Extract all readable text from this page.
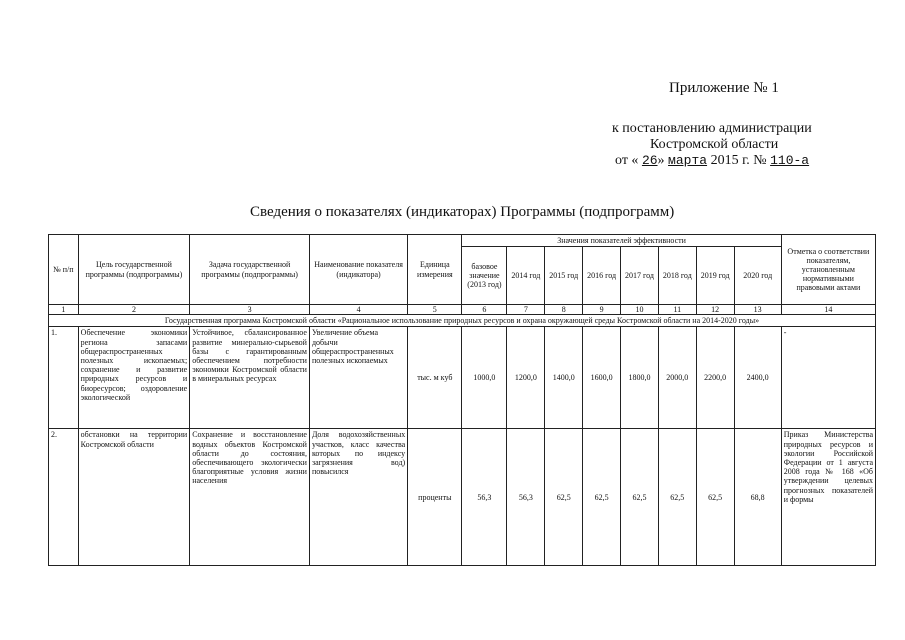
Приложение № 1
к постановлению администрации
Костромской области
от « 26» марта 2015 г. № 110-а
Сведения о показателях (индикаторах) Программы (подпрограмм)
№ п/п	Цель государственной программы (подпрограммы)	Задача государственной программы (подпрограммы)	Наименование показателя (индикатора)	Единица измерения	Значения показателей эффективности								Отметка о соответствии показателям, установленным нормативными правовыми актами
					базовое значение (2013 год)	2014 год	2015 год	2016 год	2017 год	2018 год	2019 год	2020 год	
1	2	3	4	5	6	7	8	9	10	11	12	13	14
Государственная программа Костромской области «Рациональное использование природных ресурсов и охрана окружающей среды Костромской области на 2014-2020 годы»													
1.	Обеспечение экономики региона запасами общераспространенных полезных ископаемых; сохранение и развитие природных ресурсов и биоресурсов; оздоровление экологической	Устойчивое, сбалансированное развитие минерально-сырьевой базы с гарантированным обеспечением потребности экономики Костромской области в минеральных ресурсах	Увеличение объема добычи общераспространенных полезных ископаемых	тыс. м куб	1000,0	1200,0	1400,0	1600,0	1800,0	2000,0	2200,0	2400,0	-
2.	обстановки на территории Костромской области	Сохранение и восстановление водных объектов Костромской области до состояния, обеспечивающего экологически благоприятные условия жизни населения	Доля водохозяйственных участков, класс качества которых по индексу загрязнения вод) повысился	проценты	56,3	56,3	62,5	62,5	62,5	62,5	62,5	68,8	Приказ Министерства природных ресурсов и экологии Российской Федерации от 1 августа 2008 года № 168 «Об утверждении целевых прогнозных показателей и формы
